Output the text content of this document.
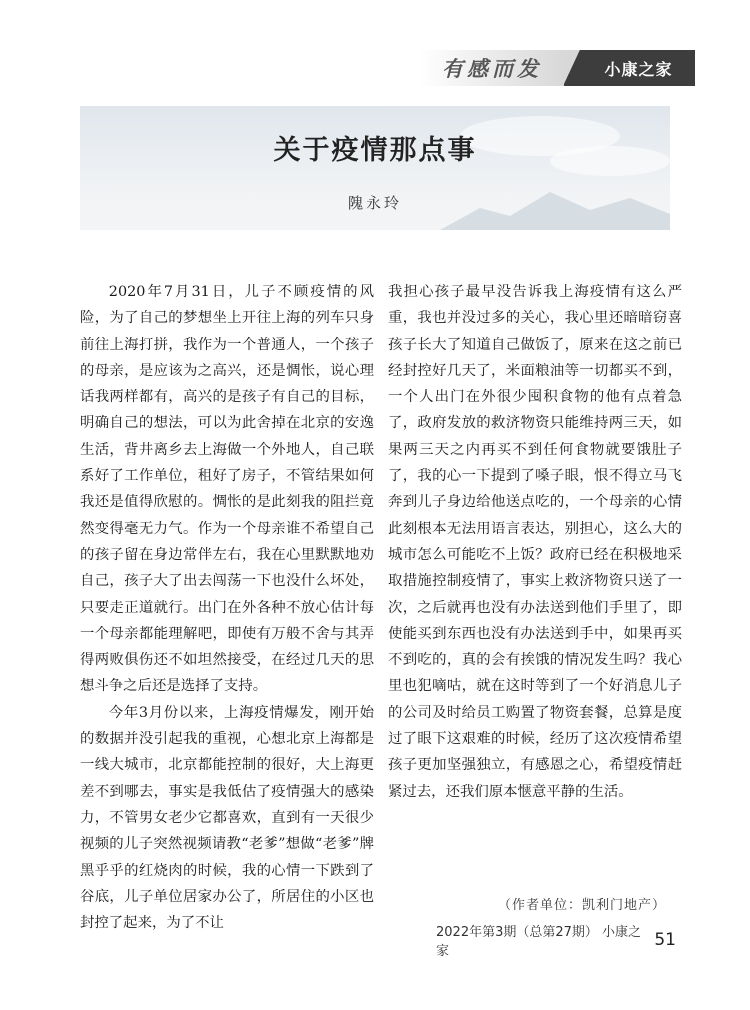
有感而发	小康之家
关于疫情那点事
隗永玲

2020年7月31日，儿子不顾疫情的风险，为了自己的梦想坐上开往上海的列车只身前往上海打拼，我作为一个普通人，一个孩子的母亲，是应该为之高兴，还是惆怅，说心理话我两样都有，高兴的是孩子有自己的目标，明确自己的想法，可以为此舍掉在北京的安逸生活，背井离乡去上海做一个外地人，自己联系好了工作单位，租好了房子，不管结果如何我还是值得欣慰的。惆怅的是此刻我的阻拦竟然变得毫无力气。作为一个母亲谁不希望自己的孩子留在身边常伴左右，我在心里默默地劝自己，孩子大了出去闯荡一下也没什么坏处，只要走正道就行。出门在外各种不放心估计每一个母亲都能理解吧，即使有万般不舍与其弄得两败俱伤还不如坦然接受，在经过几天的思想斗争之后还是选择了支持。

今年3月份以来，上海疫情爆发，刚开始的数据并没引起我的重视，心想北京上海都是一线大城市，北京都能控制的很好，大上海更差不到哪去，事实是我低估了疫情强大的感染力，不管男女老少它都喜欢，直到有一天很少视频的儿子突然视频请教“老爹”想做“老爹”牌黑乎乎的红烧肉的时候，我的心情一下跌到了谷底，儿子单位居家办公了，所居住的小区也封控了起来，为了不让

我担心孩子最早没告诉我上海疫情有这么严重，我也并没过多的关心，我心里还暗暗窃喜孩子长大了知道自己做饭了，原来在这之前已经封控好几天了，米面粮油等一切都买不到，一个人出门在外很少囤积食物的他有点着急了，政府发放的救济物资只能维持两三天，如果两三天之内再买不到任何食物就要饿肚子了，我的心一下提到了嗓子眼，恨不得立马飞奔到儿子身边给他送点吃的，一个母亲的心情此刻根本无法用语言表达，别担心，这么大的城市怎么可能吃不上饭？政府已经在积极地采取措施控制疫情了，事实上救济物资只送了一次，之后就再也没有办法送到他们手里了，即使能买到东西也没有办法送到手中，如果再买不到吃的，真的会有挨饿的情况发生吗？我心里也犯嘀咕，就在这时等到了一个好消息儿子的公司及时给员工购置了物资套餐，总算是度过了眼下这艰难的时候，经历了这次疫情希望孩子更加坚强独立，有感恩之心，希望疫情赶紧过去，还我们原本惬意平静的生活。

（作者单位：凯利门地产）
2022年第3期（总第27期） 小康之家
51
